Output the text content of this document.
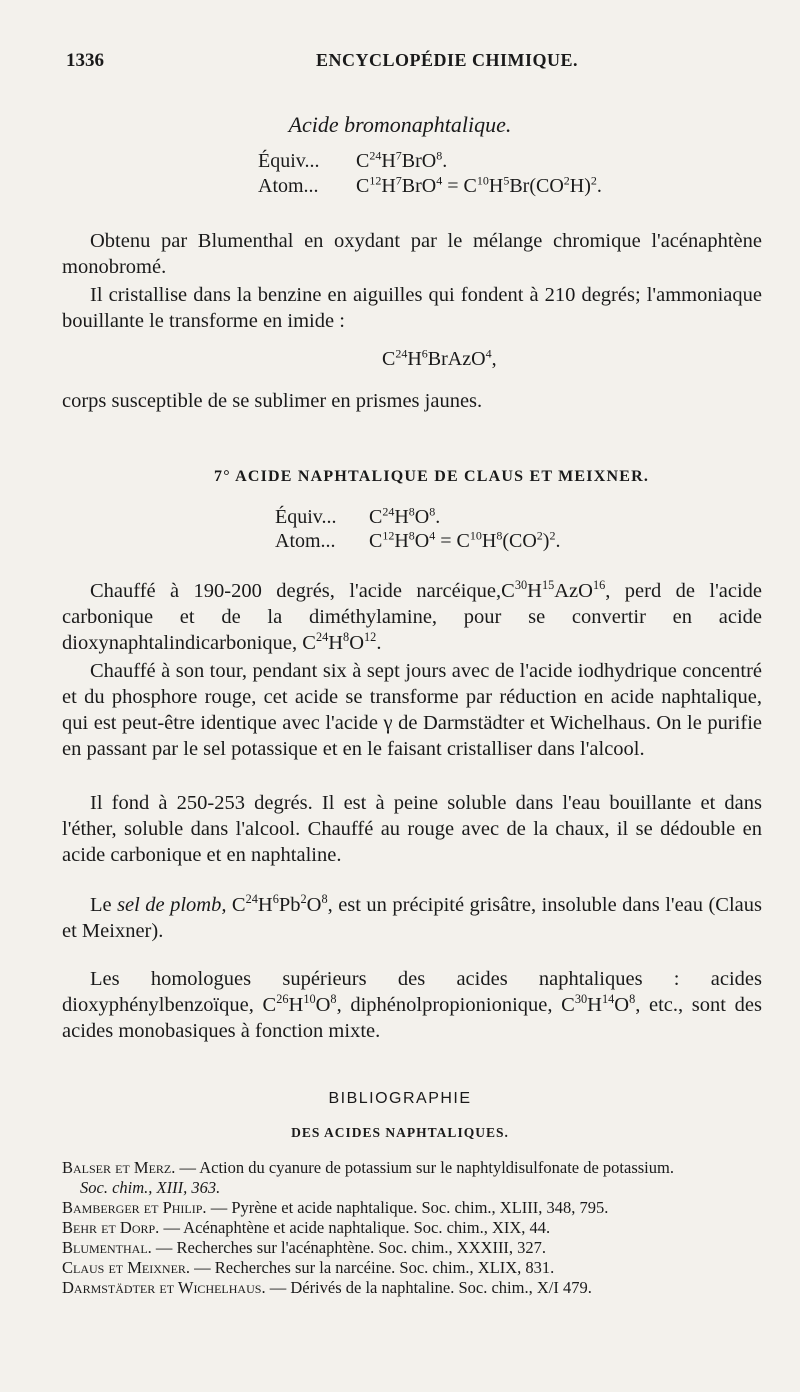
1336	ENCYCLOPÉDIE CHIMIQUE.
Acide bromonaphtalique.
Équiv... $C^{24}H^7BrO^8$.
Atom... $C^{12}H^7BrO^4 = C^{10}H^5Br(CO^2H)^2$.

Obtenu par Blumenthal en oxydant par le mélange chromique l'acénaphtène monobromé.

Il cristallise dans la benzine en aiguilles qui fondent à 210 degrés; l'ammoniaque bouillante le transforme en imide :

$C^{24}H^6BrAzO^4$,

corps susceptible de se sublimer en prismes jaunes.

7° ACIDE NAPHTALIQUE DE CLAUS ET MEIXNER.
Équiv... $C^{24}H^8O^8$.
Atom... $C^{12}H^8O^4 = C^{10}H^8(CO^2)^2$.

Chauffé à 190-200 degrés, l'acide $narcéique,C^{30}H^{15}AzO^{16}$, perd de l'acide carbonique et de la diméthylamine, pour se convertir en acide dioxynaphtalindicarbonique, $C^{24}H^8O^{12}$.

Chauffé à son tour, pendant six à sept jours avec de l'acide iodhydrique concentré et du phosphore rouge, cet acide se transforme par réduction en acide naphtalique, qui est peut-être identique avec l'acide γ de Darmstädter et Wichelhaus. On le purifie en passant par le sel potassique et en le faisant cristalliser dans l'alcool.

Il fond à 250-253 degrés. Il est à peine soluble dans l'eau bouillante et dans l'éther, soluble dans l'alcool. Chauffé au rouge avec de la chaux, il se dédouble en acide carbonique et en naphtaline.

Le sel de plomb, $C^{24}H^6Pb^2O^8$, est un précipité grisâtre, insoluble dans l'eau (Claus et Meixner).

Les homologues supérieurs des acides naphtaliques : acides dioxyphénylbenzoïque, $C^{26}H^{10}O^8$, diphénolpropionionique, $C^{30}H^{14}O^8$, etc., sont des acides monobasiques à fonction mixte.

BIBLIOGRAPHIE
DES ACIDES NAPHTALIQUES.
Balser et Merz. — Action du cyanure de potassium sur le naphtyldisulfonate de potassium.
Soc. chim., XIII, 363.
Bamberger et Philip. — Pyrène et acide naphtalique. Soc. chim., XLIII, 348, 795.
Behr et Dorp. — Acénaphtène et acide naphtalique. Soc. chim., XIX, 44.
Blumenthal. — Recherches sur l'acénaphtène. Soc. chim., XXXIII, 327.
Claus et Meixner. — Recherches sur la narcéine. Soc. chim., XLIX, 831.
Darmstädter et Wichelhaus. — Dérivés de la naphtaline. Soc. chim., X/I 479.
